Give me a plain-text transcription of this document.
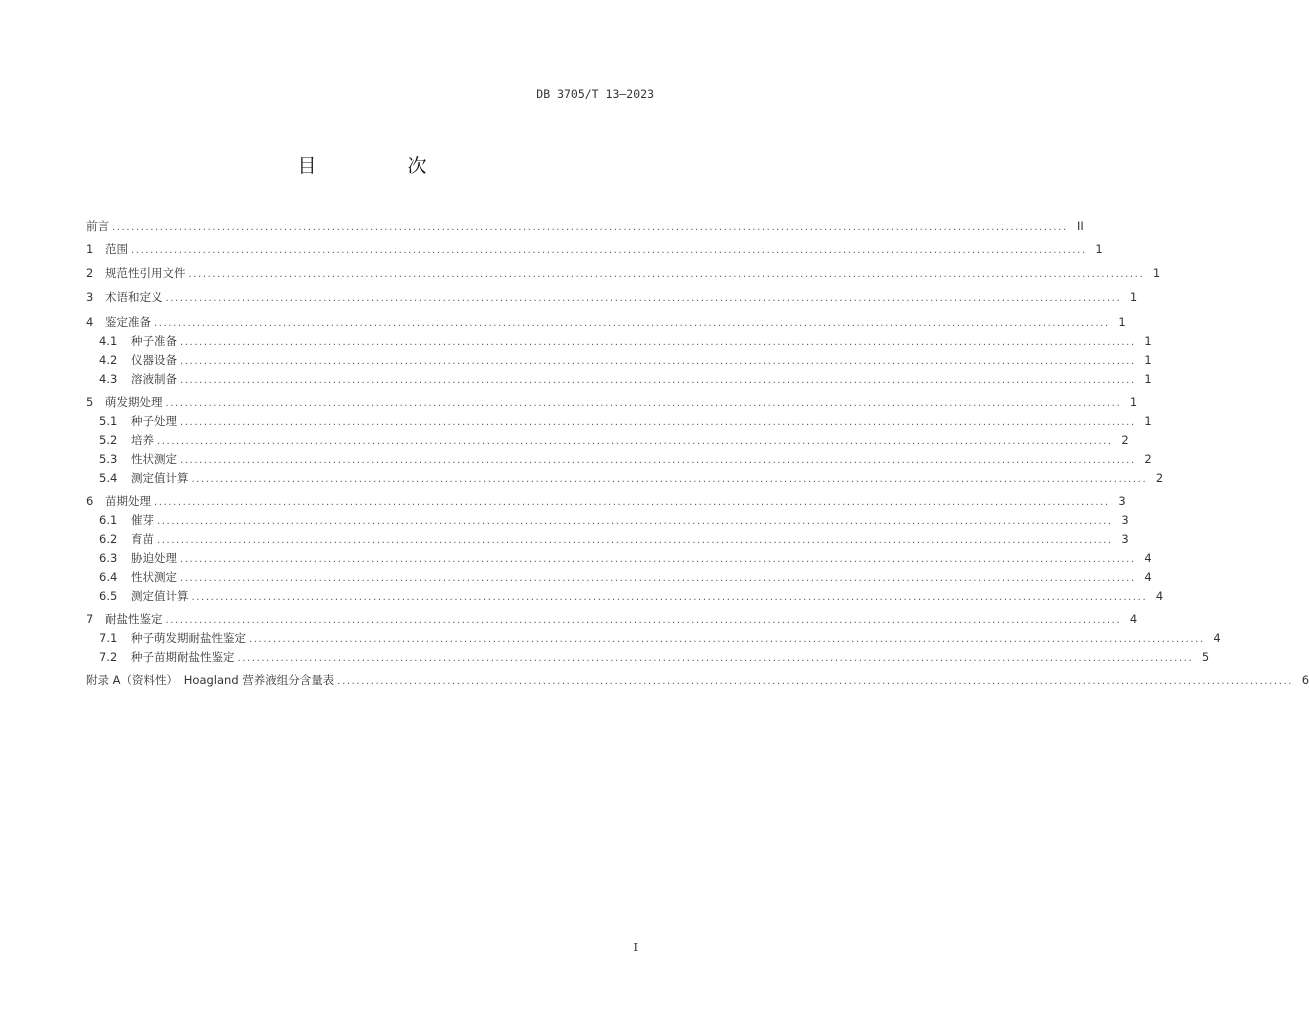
DB 3705/T 13—2023
目　次
前言 ........................................................................................................................................................................................................ II
1	范围 ........................................................................................................................................................................................................ 1
2	规范性引用文件 ........................................................................................................................................................................................................ 1
3	术语和定义 ........................................................................................................................................................................................................ 1
4	鉴定准备 ........................................................................................................................................................................................................ 1
4.1	种子准备 ........................................................................................................................................................................................................ 1
4.2	仪器设备 ........................................................................................................................................................................................................ 1
4.3	溶液制备 ........................................................................................................................................................................................................ 1
5	萌发期处理 ........................................................................................................................................................................................................ 1
5.1	种子处理 ........................................................................................................................................................................................................ 1
5.2	培养 ........................................................................................................................................................................................................ 2
5.3	性状测定 ........................................................................................................................................................................................................ 2
5.4	测定值计算 ........................................................................................................................................................................................................ 2
6	苗期处理 ........................................................................................................................................................................................................ 3
6.1	催芽 ........................................................................................................................................................................................................ 3
6.2	育苗 ........................................................................................................................................................................................................ 3
6.3	胁迫处理 ........................................................................................................................................................................................................ 4
6.4	性状测定 ........................................................................................................................................................................................................ 4
6.5	测定值计算 ........................................................................................................................................................................................................ 4
7	耐盐性鉴定 ........................................................................................................................................................................................................ 4
7.1	种子萌发期耐盐性鉴定 ........................................................................................................................................................................................................ 4
7.2	种子苗期耐盐性鉴定 ........................................................................................................................................................................................................ 5
附录 A（资料性）　Hoagland 营养液组分含量表 ........................................................................................................................................................................................................ 6
I
